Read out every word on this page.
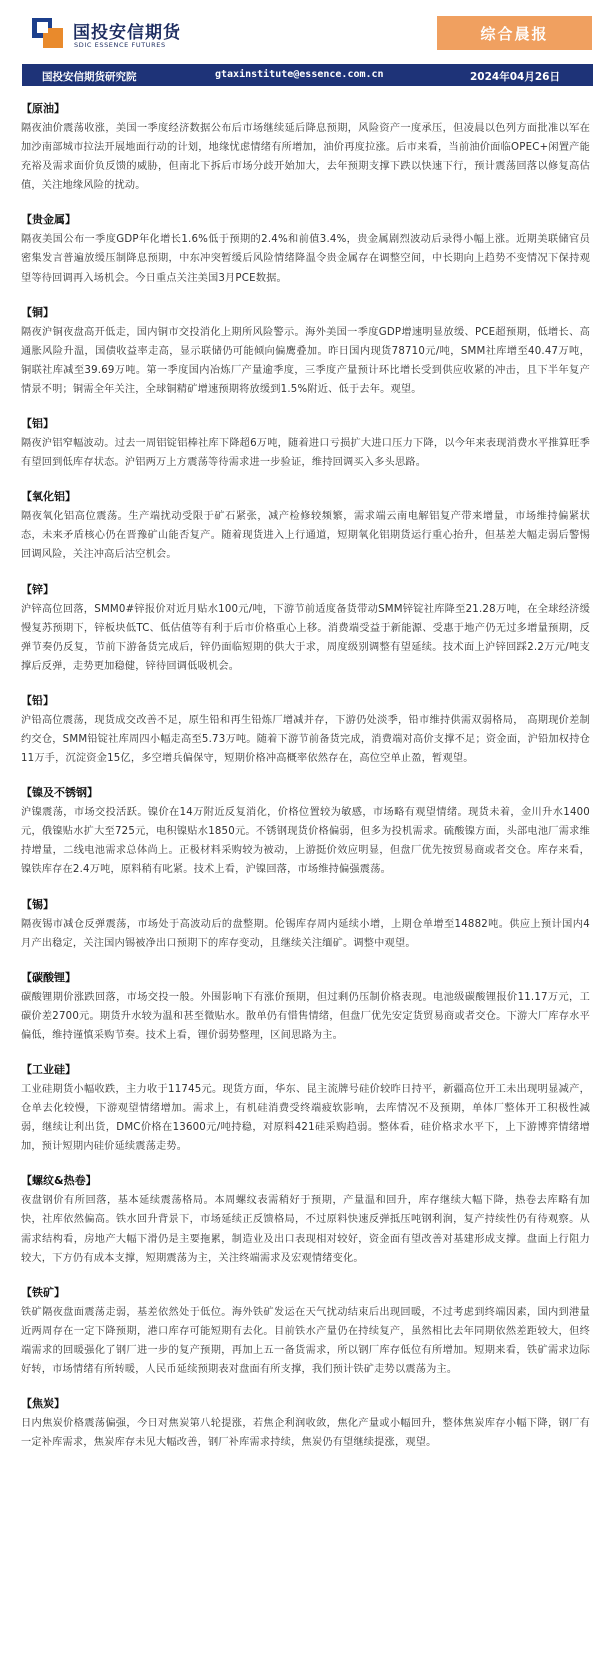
国投安信期货
SDIC ESSENCE FUTURES
综合晨报
国投安信期货研究院	gtaxinstitute@essence.com.cn	2024年04月26日
【原油】
隔夜油价震荡收涨，美国一季度经济数据公布后市场继续延后降息预期，风险资产一度承压，但凌晨以色列方面批准以军在加沙南部城市拉法开展地面行动的计划，地缘忧虑情绪有所增加，油价再度拉涨。后市来看，当前油价面临OPEC+闲置产能充裕及需求面价负反馈的威胁，但南北下拆后市场分歧开始加大，去年预期支撑下跌以快速下行，预计震荡回落以修复高估值，关注地缘风险的扰动。
【贵金属】
隔夜美国公布一季度GDP年化增长1.6%低于预期的2.4%和前值3.4%，贵金属剧烈波动后录得小幅上涨。近期美联储官员密集发言普遍放缓压制降息预期，中东冲突暂缓后风险情绪降温令贵金属存在调整空间，中长期向上趋势不变情况下保持观望等待回调再入场机会。今日重点关注美国3月PCE数据。
【铜】
隔夜沪铜夜盘高开低走，国内铜市交投消化上期所风险警示。海外美国一季度GDP增速明显放缓、PCE超预期，低增长、高通胀风险升温，国债收益率走高，显示联储仍可能倾向偏鹰叠加。昨日国内现货78710元/吨，SMM社库增至40.47万吨，铜联社库减至39.69万吨。第一季度国内冶炼厂产量逾季度，三季度产量预计环比增长受到供应收紧的冲击，且下半年复产情景不明；铜需全年关注，全球铜精矿增速预期将放缓到1.5%附近、低于去年。观望。
【铝】
隔夜沪铝窄幅波动。过去一周铝锭铝棒社库下降超6万吨，随着进口亏损扩大进口压力下降，以今年来表现消费水平推算旺季有望回到低库存状态。沪铝两万上方震荡等待需求进一步验证，维持回调买入多头思路。
【氧化铝】
隔夜氧化铝高位震荡。生产端扰动受限于矿石紧张，减产检修较频繁，需求端云南电解铝复产带来增量，市场维持偏紧状态，未来矛盾核心仍在晋豫矿山能否复产。随着现货进入上行通道，短期氧化铝期货运行重心抬升，但基差大幅走弱后警惕回调风险，关注冲高后沽空机会。
【锌】
沪锌高位回落，SMM0#锌报价对近月贴水100元/吨，下游节前适度备货带动SMM锌锭社库降至21.28万吨，在全球经济缓慢复苏预期下，锌板块低TC、低估值等有利于后市价格重心上移。消费端受益于新能源、受惠于地产仍无过多增量预期，反弹节奏仍反复，节前下游备货完成后，锌仍面临短期的供大于求，周度级别调整有望延续。技术面上沪锌回踩2.2万元/吨支撑后反弹，走势更加稳健，锌待回调低吸机会。
【铅】
沪铅高位震荡，现货成交改善不足，原生铅和再生铅炼厂增减并存，下游仍处淡季，铅市维持供需双弱格局， 高期现价差制约交仓，SMM铅锭社库周四小幅走高至5.73万吨。随着下游节前备货完成，消费端对高价支撑不足；资金面，沪铅加权持仓11万手，沉淀资金15亿，多空增兵偏保守，短期价格冲高概率依然存在，高位空单止盈，暂观望。
【镍及不锈钢】
沪镍震荡，市场交投活跃。镍价在14万附近反复消化，价格位置较为敏感，市场略有观望情绪。现货未着，金川升水1400元，俄镍贴水扩大至725元，电积镍贴水1850元。不锈钢现货价格偏弱，但多为投机需求。硫酸镍方面，头部电池厂需求维持增量，二线电池需求总体尚上。正极材料采购较为被动，上游挺价效应明显，但盘厂优先按贸易商或者交仓。库存来看，镍铁库存在2.4万吨，原料稍有叱紧。技术上看，沪镍回落，市场维持偏强震荡。
【锡】
隔夜锡市减仓反弹震荡，市场处于高波动后的盘整期。伦锡库存周内延续小增，上期仓单增至14882吨。供应上预计国内4月产出稳定，关注国内锡被净出口预期下的库存变动，且继续关注缅矿。调整中观望。
【碳酸锂】
碳酸锂期价涨跌回落，市场交投一般。外围影响下有涨价预期，但过剩仍压制价格表现。电池级碳酸锂报价11.17万元，工碳价差2700元。期货升水较为温和甚至微贴水。散单仍有惜售情绪，但盘厂优先安定货贸易商或者交仓。下游大厂库存水平偏低，维持谨慎采购节奏。技术上看，锂价弱势整理，区间思路为主。
【工业硅】
工业硅期货小幅收跌，主力收于11745元。现货方面，华东、昆主流牌号硅价较昨日持平，新疆高位开工未出现明显减产，仓单去化较慢，下游观望情绪增加。需求上，有机硅消费受终端疲软影响，去库情况不及预期，单体厂整体开工积极性减弱，继续让利出货，DMC价格在13600元/吨持稳，对原料421硅采购趋弱。整体看，硅价格求水平下，上下游博弈情绪增加，预计短期内硅价延续震荡走势。
【螺纹&热卷】
夜盘钢价有所回落，基本延续震荡格局。本周螺纹表需稍好于预期，产量温和回升，库存继续大幅下降，热卷去库略有加快，社库依然偏高。铁水回升背景下，市场延续正反馈格局，不过原料快速反弹抵压吨钢利润，复产持续性仍有待观察。从需求结构看，房地产大幅下滑仍是主要拖累，制造业及出口表现相对较好，资金面有望改善对基建形成支撑。盘面上行阻力较大，下方仍有成本支撑，短期震荡为主，关注终端需求及宏观情绪变化。
【铁矿】
铁矿隔夜盘面震荡走弱，基差依然处于低位。海外铁矿发运在天气扰动结束后出现回暖，不过考虑到终端因素，国内到港量近两周存在一定下降预期，港口库存可能短期有去化。目前铁水产量仍在持续复产，虽然相比去年同期依然差距较大，但终端需求的回暖强化了钢厂进一步的复产预期，再加上五一备货需求，所以钢厂库存低位有所增加。短期来看，铁矿需求边际好转，市场情绪有所转暖，人民币延续预期表对盘面有所支撑，我们预计铁矿走势以震荡为主。
【焦炭】
日内焦炭价格震荡偏强，今日对焦炭第八轮提涨，若焦企利润收敛，焦化产量或小幅回升，整体焦炭库存小幅下降，钢厂有一定补库需求，焦炭库存未见大幅改善，钢厂补库需求持续，焦炭仍有望继续提涨，观望。
